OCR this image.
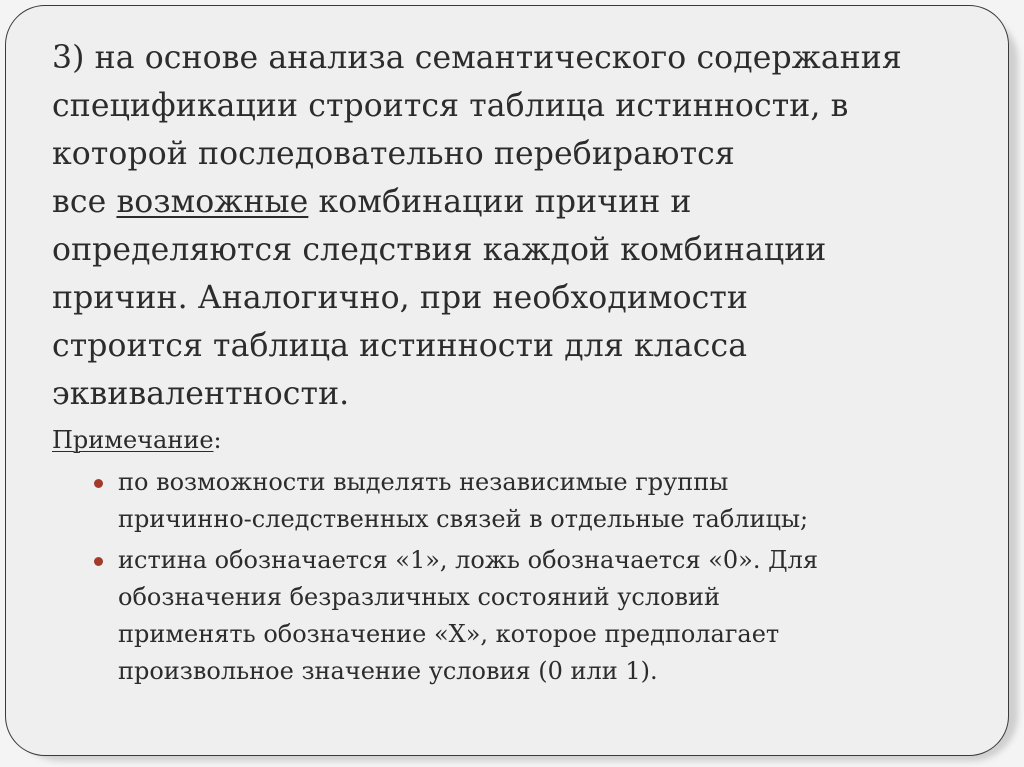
3) на основе анализа семантического содержания
спецификации строится таблица истинности, в
которой последовательно перебираются
все возможные комбинации причин и
определяются следствия каждой комбинации
причин. Аналогично, при необходимости
строится таблица истинности для класса
эквивалентности.

Примечание:
по возможности выделять независимые группы
причинно-следственных связей в отдельные таблицы;
истина обозначается «1», ложь обозначается «0». Для
обозначения безразличных состояний условий
применять обозначение «X», которое предполагает
произвольное значение условия (0 или 1).
